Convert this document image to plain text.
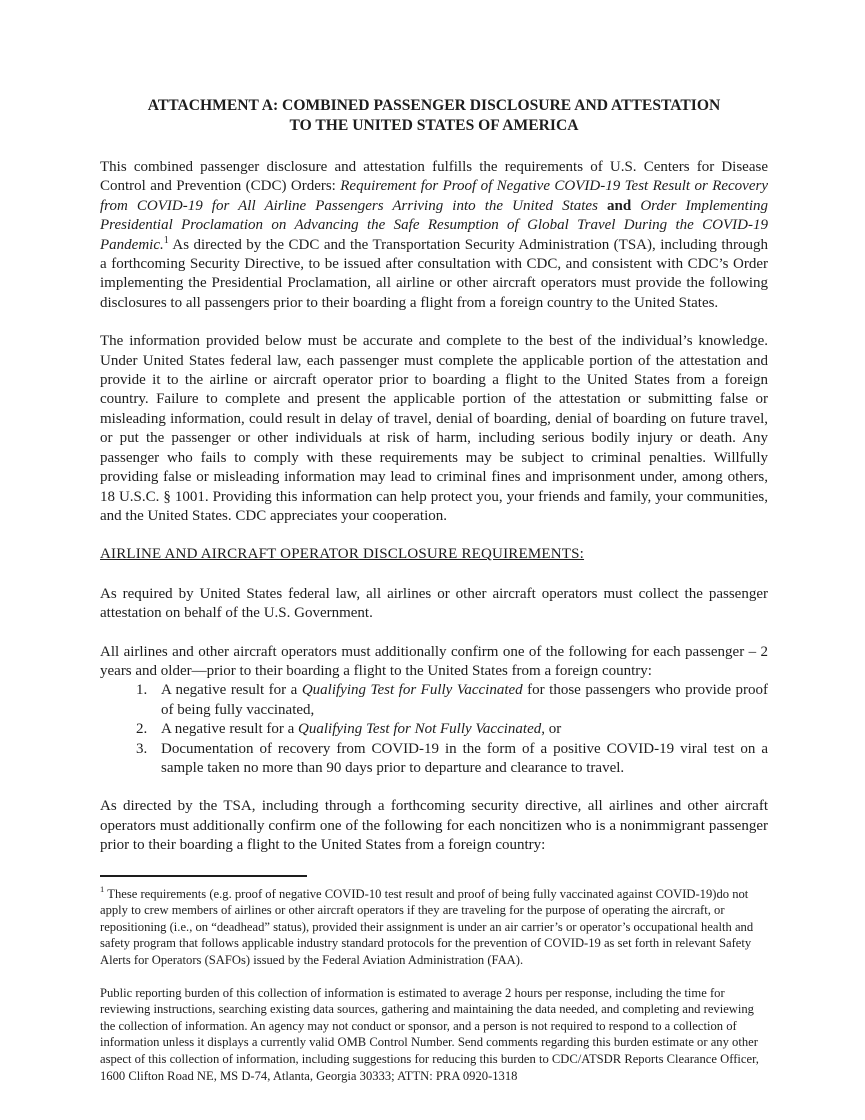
ATTACHMENT A: COMBINED PASSENGER DISCLOSURE AND ATTESTATION
TO THE UNITED STATES OF AMERICA

This combined passenger disclosure and attestation fulfills the requirements of U.S. Centers for Disease Control and Prevention (CDC) Orders: Requirement for Proof of Negative COVID-19 Test Result or Recovery from COVID-19 for All Airline Passengers Arriving into the United States and Order Implementing Presidential Proclamation on Advancing the Safe Resumption of Global Travel During the COVID-19 Pandemic.$^1$ As directed by the CDC and the Transportation Security Administration (TSA), including through a forthcoming Security Directive, to be issued after consultation with CDC, and consistent with CDC’s Order implementing the Presidential Proclamation, all airline or other aircraft operators must provide the following disclosures to all passengers prior to their boarding a flight from a foreign country to the United States.

The information provided below must be accurate and complete to the best of the individual’s knowledge. Under United States federal law, each passenger must complete the applicable portion of the attestation and provide it to the airline or aircraft operator prior to boarding a flight to the United States from a foreign country. Failure to complete and present the applicable portion of the attestation or submitting false or misleading information, could result in delay of travel, denial of boarding, denial of boarding on future travel, or put the passenger or other individuals at risk of harm, including serious bodily injury or death. Any passenger who fails to comply with these requirements may be subject to criminal penalties. Willfully providing false or misleading information may lead to criminal fines and imprisonment under, among others, 18 U.S.C. § 1001. Providing this information can help protect you, your friends and family, your communities, and the United States. CDC appreciates your cooperation.

AIRLINE AND AIRCRAFT OPERATOR DISCLOSURE REQUIREMENTS:

As required by United States federal law, all airlines or other aircraft operators must collect the passenger attestation on behalf of the U.S. Government.

All airlines and other aircraft operators must additionally confirm one of the following for each passenger – 2 years and older—prior to their boarding a flight to the United States from a foreign country:

1. A negative result for a Qualifying Test for Fully Vaccinated for those passengers who provide proof of being fully vaccinated,
2. A negative result for a Qualifying Test for Not Fully Vaccinated, or
3. Documentation of recovery from COVID-19 in the form of a positive COVID-19 viral test on a sample taken no more than 90 days prior to departure and clearance to travel.

As directed by the TSA, including through a forthcoming security directive, all airlines and other aircraft operators must additionally confirm one of the following for each noncitizen who is a nonimmigrant passenger prior to their boarding a flight to the United States from a foreign country:

$^1$ These requirements (e.g. proof of negative COVID-10 test result and proof of being fully vaccinated against COVID-19)do not apply to crew members of airlines or other aircraft operators if they are traveling for the purpose of operating the aircraft, or repositioning (i.e., on “deadhead” status), provided their assignment is under an air carrier’s or operator’s occupational health and safety program that follows applicable industry standard protocols for the prevention of COVID-19 as set forth in relevant Safety Alerts for Operators (SAFOs) issued by the Federal Aviation Administration (FAA).

Public reporting burden of this collection of information is estimated to average 2 hours per response, including the time for reviewing instructions, searching existing data sources, gathering and maintaining the data needed, and completing and reviewing the collection of information. An agency may not conduct or sponsor, and a person is not required to respond to a collection of information unless it displays a currently valid OMB Control Number. Send comments regarding this burden estimate or any other aspect of this collection of information, including suggestions for reducing this burden to CDC/ATSDR Reports Clearance Officer, 1600 Clifton Road NE, MS D-74, Atlanta, Georgia 30333; ATTN: PRA 0920-1318
